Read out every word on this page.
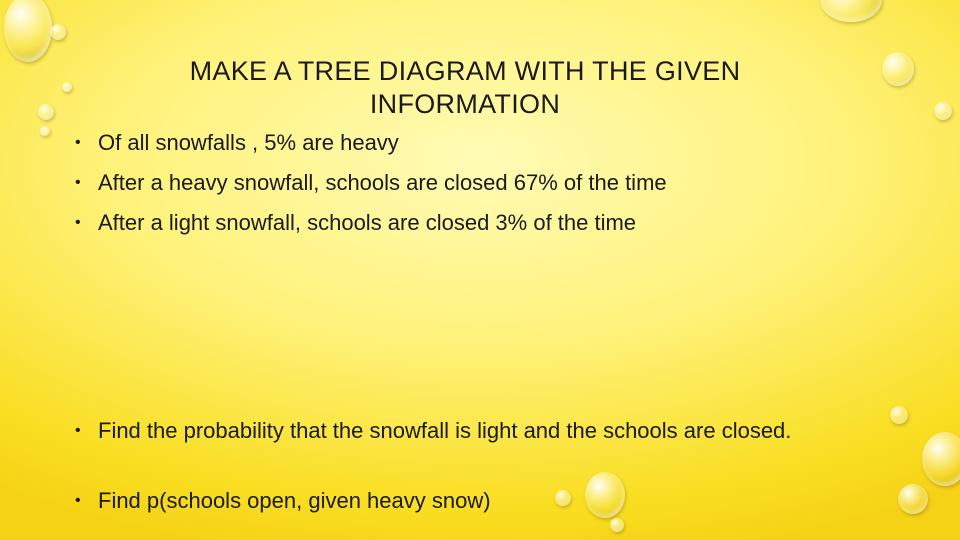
MAKE A TREE DIAGRAM WITH THE GIVEN
INFORMATION
• Of all snowfalls , 5% are heavy
• After a heavy snowfall, schools are closed 67% of the time
• After a light snowfall, schools are closed 3% of the time
• Find the probability that the snowfall is light and the schools are closed.
• Find p(schools open, given heavy snow)
